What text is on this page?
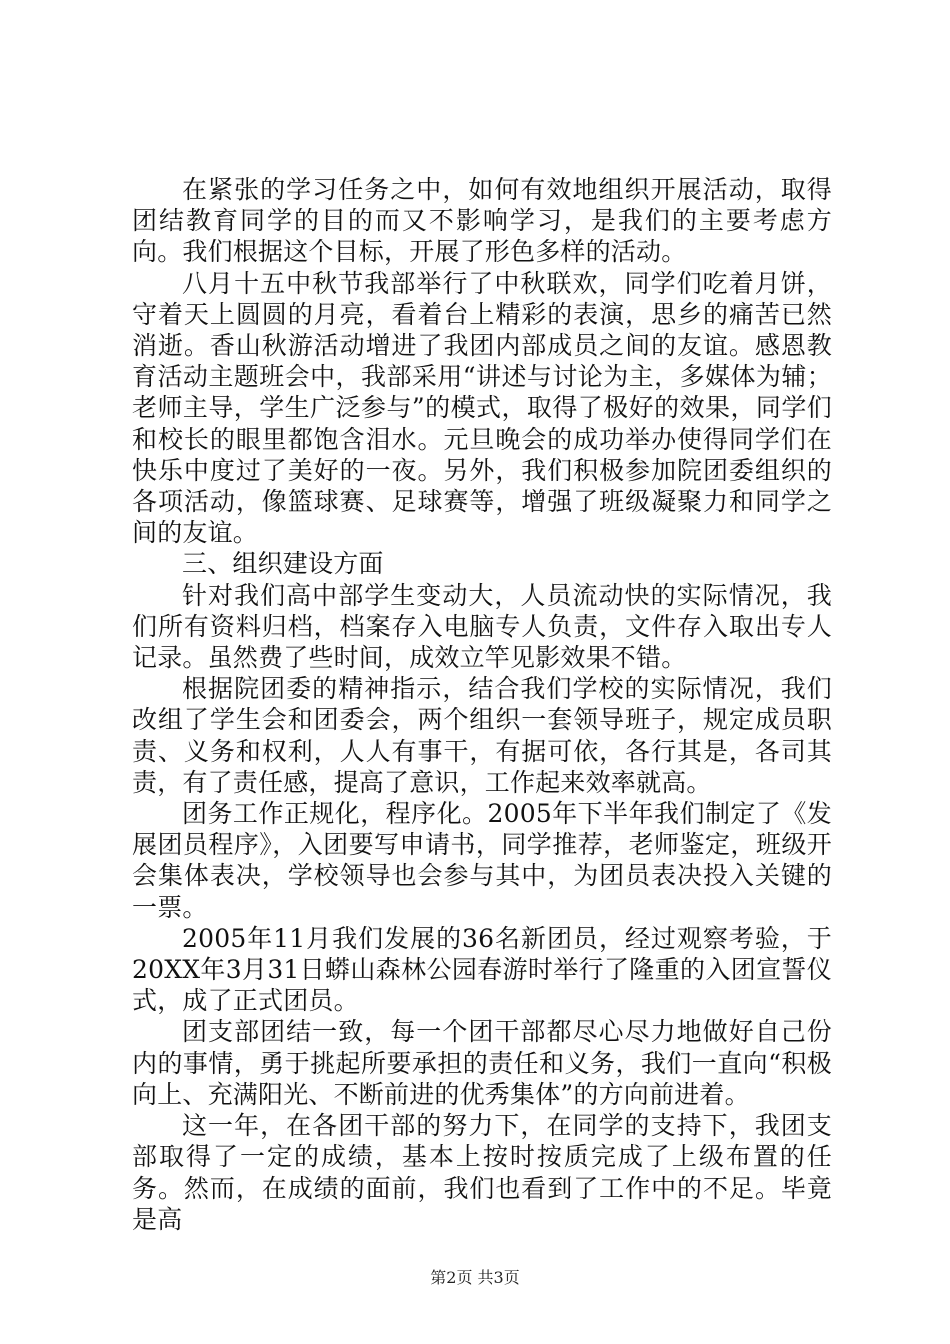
在紧张的学习任务之中，如何有效地组织开展活动，取得团结教育同学的目的而又不影响学习，是我们的主要考虑方向。我们根据这个目标，开展了形色多样的活动。

八月十五中秋节我部举行了中秋联欢，同学们吃着月饼，守着天上圆圆的月亮，看着台上精彩的表演，思乡的痛苦已然消逝。香山秋游活动增进了我团内部成员之间的友谊。感恩教育活动主题班会中，我部采用“讲述与讨论为主，多媒体为辅；老师主导，学生广泛参与”的模式，取得了极好的效果，同学们和校长的眼里都饱含泪水。元旦晚会的成功举办使得同学们在快乐中度过了美好的一夜。另外，我们积极参加院团委组织的各项活动，像篮球赛、足球赛等，增强了班级凝聚力和同学之间的友谊。

三、组织建设方面

针对我们高中部学生变动大，人员流动快的实际情况，我们所有资料归档，档案存入电脑专人负责，文件存入取出专人记录。虽然费了些时间，成效立竿见影效果不错。

根据院团委的精神指示，结合我们学校的实际情况，我们改组了学生会和团委会，两个组织一套领导班子，规定成员职责、义务和权利，人人有事干，有据可依，各行其是，各司其责，有了责任感，提高了意识，工作起来效率就高。

团务工作正规化，程序化。2005年下半年我们制定了《发展团员程序》，入团要写申请书，同学推荐，老师鉴定，班级开会集体表决，学校领导也会参与其中，为团员表决投入关键的一票。

2005年11月我们发展的36名新团员，经过观察考验，于20XX年3月31日蟒山森林公园春游时举行了隆重的入团宣誓仪式，成了正式团员。

团支部团结一致，每一个团干部都尽心尽力地做好自己份内的事情，勇于挑起所要承担的责任和义务，我们一直向“积极向上、充满阳光、不断前进的优秀集体”的方向前进着。

这一年，在各团干部的努力下，在同学的支持下，我团支部取得了一定的成绩，基本上按时按质完成了上级布置的任务。然而，在成绩的面前，我们也看到了工作中的不足。毕竟是高

第2页 共3页
